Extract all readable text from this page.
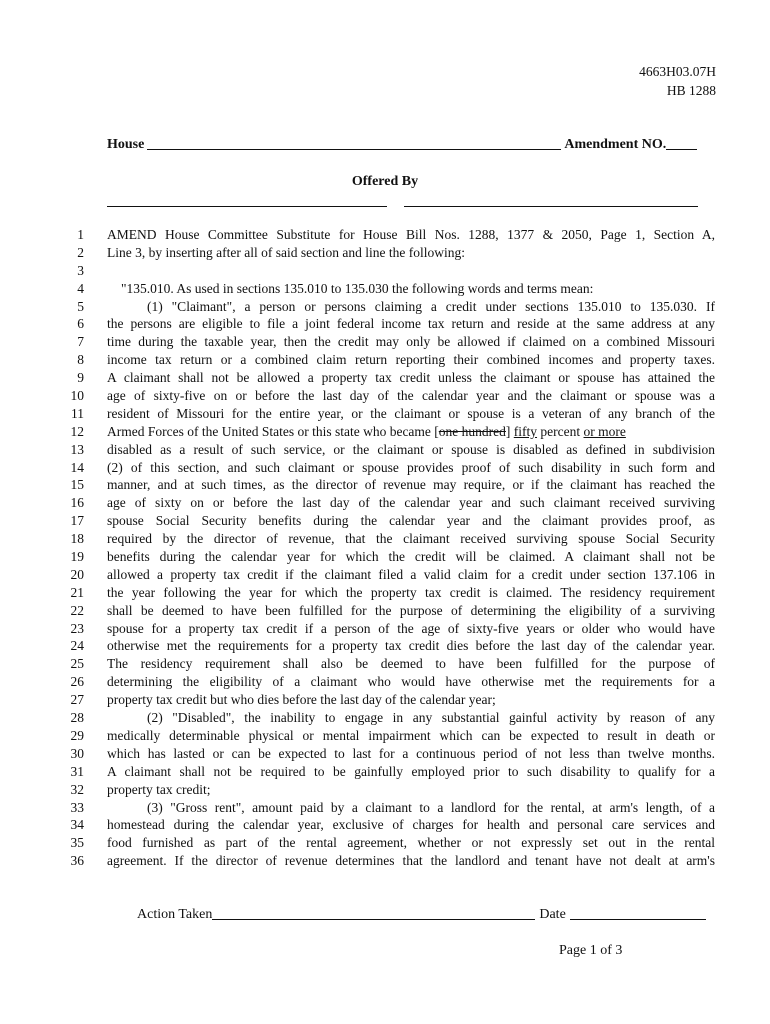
4663H03.07H
HB 1288
House	Amendment NO.
Offered By
1 AMEND House Committee Substitute for House Bill Nos. 1288, 1377 & 2050, Page 1, Section A,
2 Line 3, by inserting after all of said section and line the following:
3
4	"135.010. As used in sections 135.010 to 135.030 the following words and terms mean:
5	(1) "Claimant", a person or persons claiming a credit under sections 135.010 to 135.030. If
6 the persons are eligible to file a joint federal income tax return and reside at the same address at any
7 time during the taxable year, then the credit may only be allowed if claimed on a combined Missouri
8 income tax return or a combined claim return reporting their combined incomes and property taxes.
9 A claimant shall not be allowed a property tax credit unless the claimant or spouse has attained the
10 age of sixty-five on or before the last day of the calendar year and the claimant or spouse was a
11 resident of Missouri for the entire year, or the claimant or spouse is a veteran of any branch of the
12 Armed Forces of the United States or this state who became [one hundred] fifty percent or more
13 disabled as a result of such service, or the claimant or spouse is disabled as defined in subdivision
14 (2) of this section, and such claimant or spouse provides proof of such disability in such form and
15 manner, and at such times, as the director of revenue may require, or if the claimant has reached the
16 age of sixty on or before the last day of the calendar year and such claimant received surviving
17 spouse Social Security benefits during the calendar year and the claimant provides proof, as
18 required by the director of revenue, that the claimant received surviving spouse Social Security
19 benefits during the calendar year for which the credit will be claimed. A claimant shall not be
20 allowed a property tax credit if the claimant filed a valid claim for a credit under section 137.106 in
21 the year following the year for which the property tax credit is claimed. The residency requirement
22 shall be deemed to have been fulfilled for the purpose of determining the eligibility of a surviving
23 spouse for a property tax credit if a person of the age of sixty-five years or older who would have
24 otherwise met the requirements for a property tax credit dies before the last day of the calendar year.
25 The residency requirement shall also be deemed to have been fulfilled for the purpose of
26 determining the eligibility of a claimant who would have otherwise met the requirements for a
27 property tax credit but who dies before the last day of the calendar year;
28	(2) "Disabled", the inability to engage in any substantial gainful activity by reason of any
29 medically determinable physical or mental impairment which can be expected to result in death or
30 which has lasted or can be expected to last for a continuous period of not less than twelve months.
31 A claimant shall not be required to be gainfully employed prior to such disability to qualify for a
32 property tax credit;
33	(3) "Gross rent", amount paid by a claimant to a landlord for the rental, at arm's length, of a
34 homestead during the calendar year, exclusive of charges for health and personal care services and
35 food furnished as part of the rental agreement, whether or not expressly set out in the rental
36 agreement. If the director of revenue determines that the landlord and tenant have not dealt at arm's
Action Taken	Date
Page 1 of 3
